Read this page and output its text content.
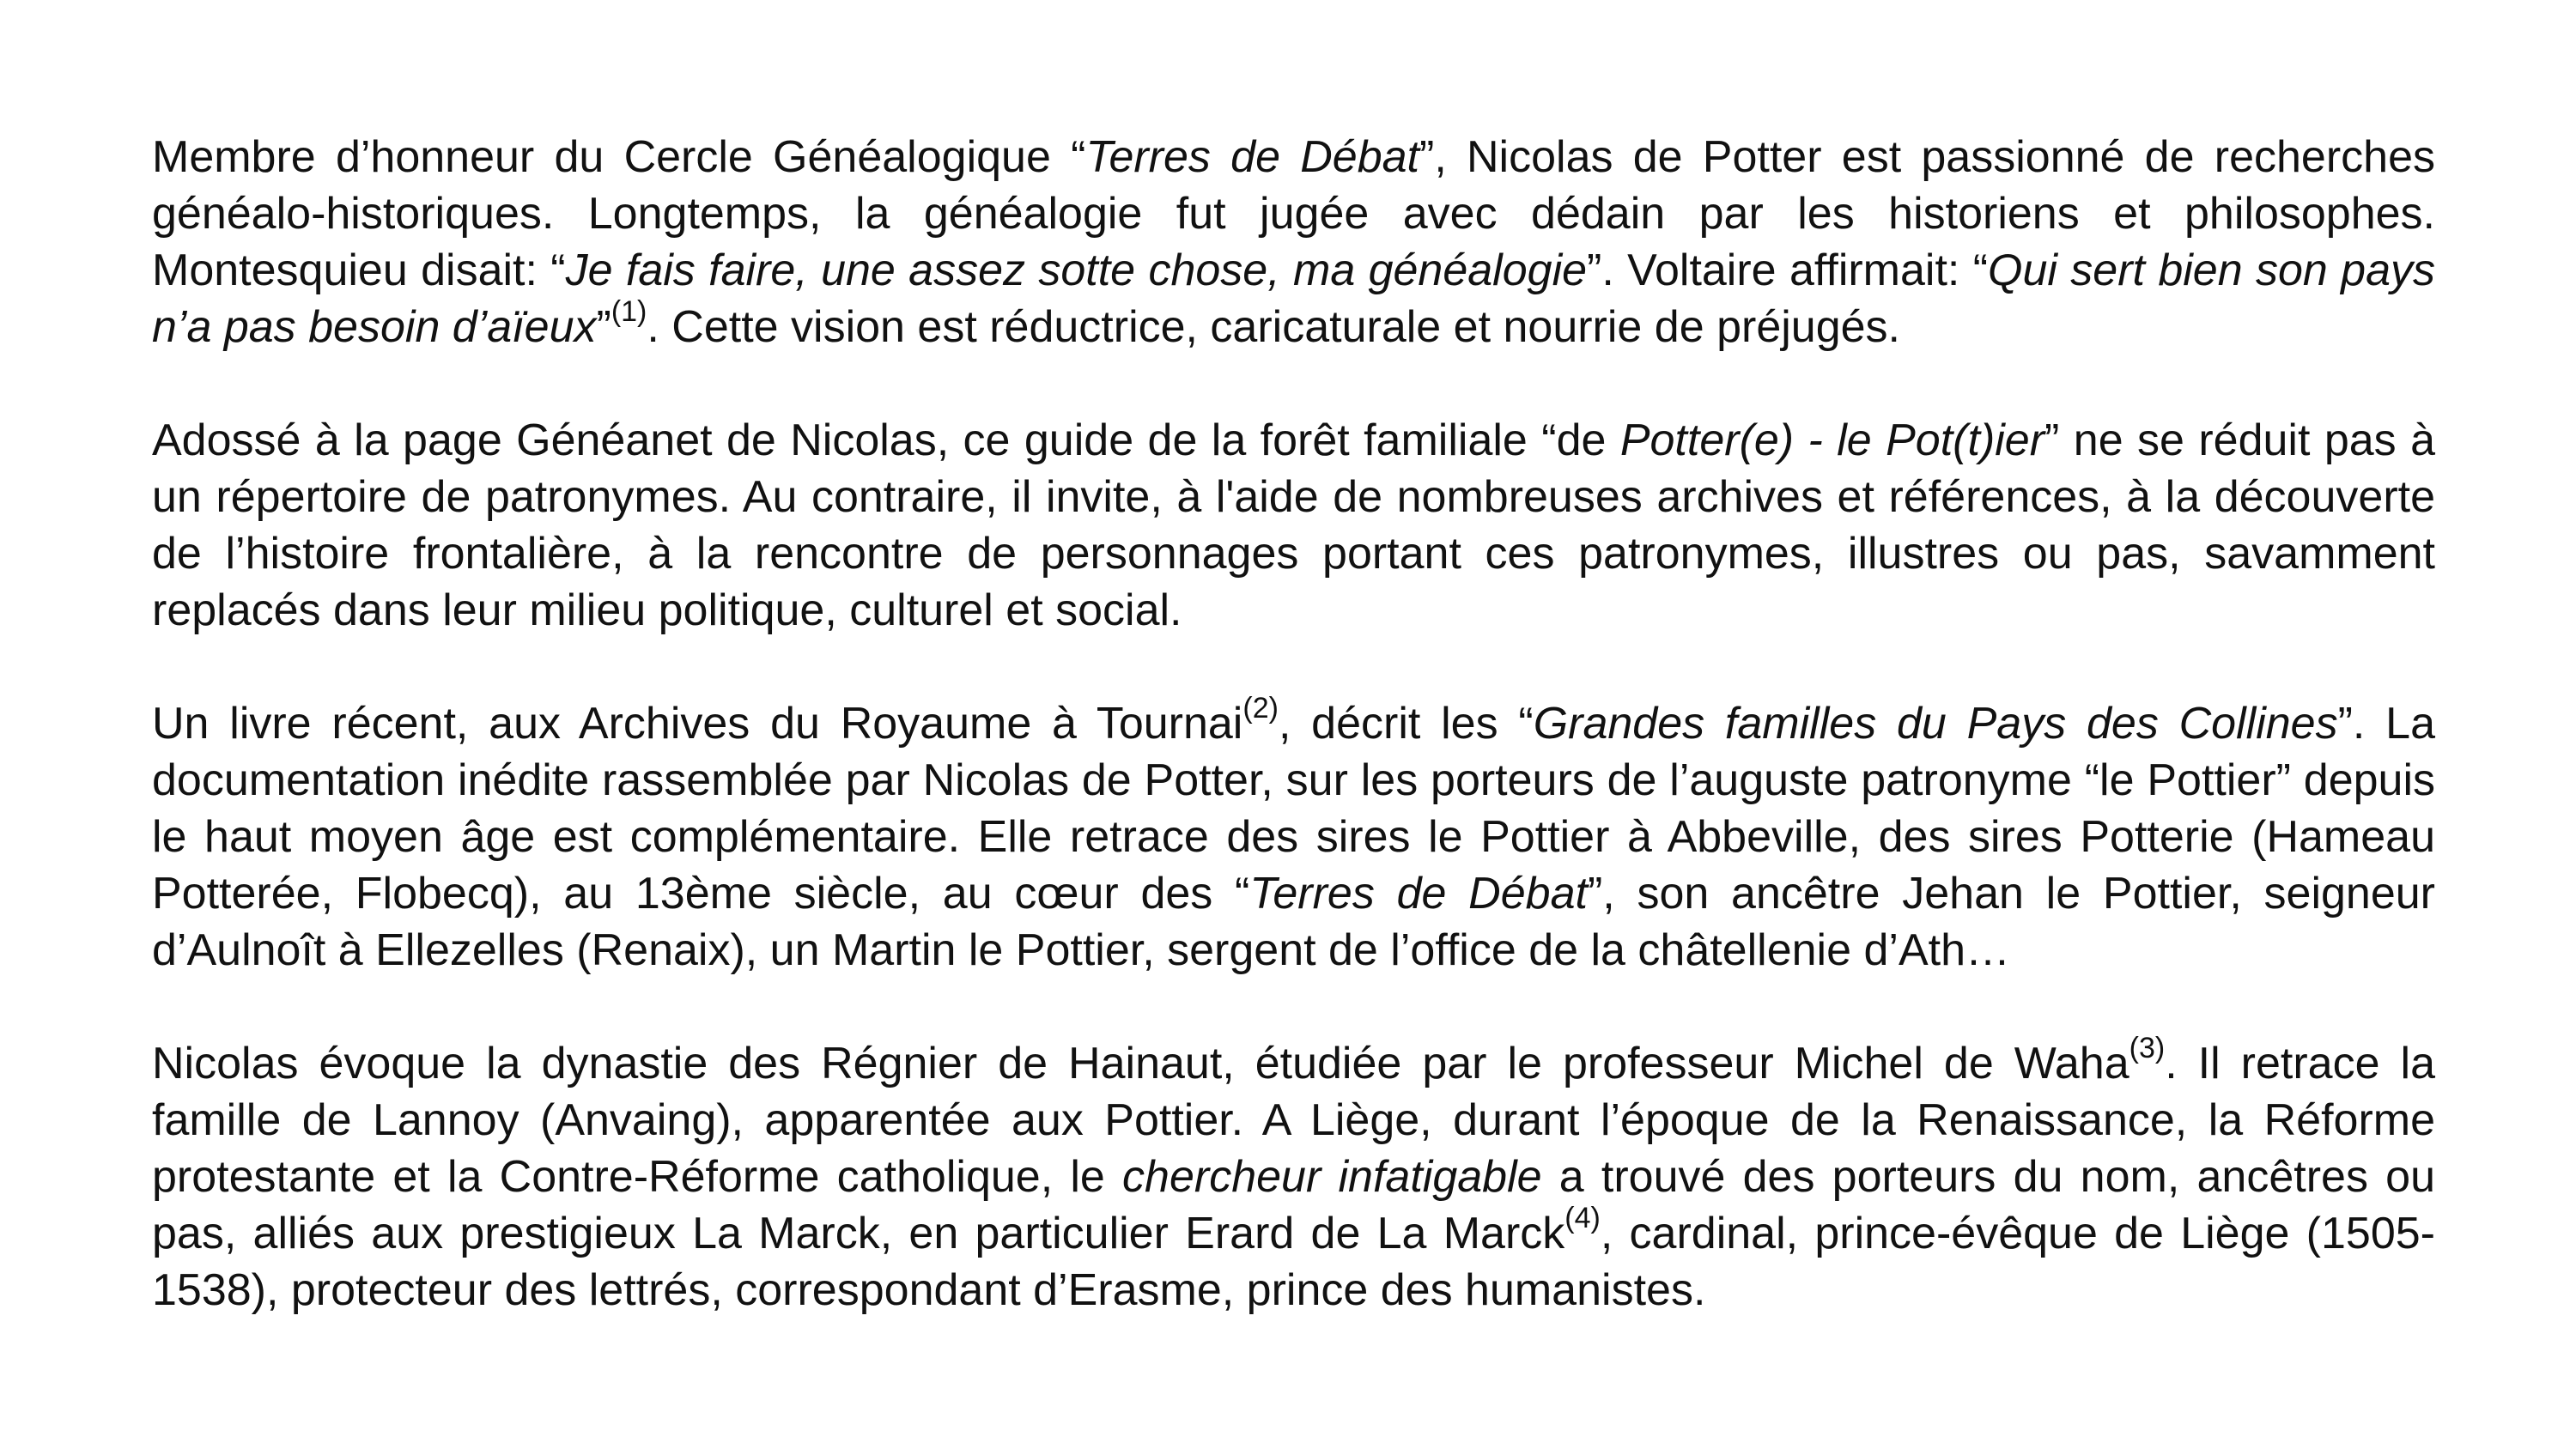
Membre d’honneur du Cercle Généalogique “Terres de Débat”, Nicolas de Potter est passionné de recherches généalo-historiques. Longtemps, la généalogie fut jugée avec dédain par les historiens et philosophes. Montesquieu disait: “Je fais faire, une assez sotte chose, ma généalogie”. Voltaire affirmait: “Qui sert bien son pays n’a pas besoin d’aïeux”$^{(1)}$. Cette vision est réductrice, caricaturale et nourrie de préjugés.

Adossé à la page Généanet de Nicolas, ce guide de la forêt familiale “de Potter(e) - le Pot(t)ier” ne se réduit pas à un répertoire de patronymes. Au contraire, il invite, à l'aide de nombreuses archives et références, à la découverte de l’histoire frontalière, à la rencontre de personnages portant ces patronymes, illustres ou pas, savamment replacés dans leur milieu politique, culturel et social.

Un livre récent, aux Archives du Royaume à Tournai$^{(2)}$, décrit les “Grandes familles du Pays des Collines”. La documentation inédite rassemblée par Nicolas de Potter, sur les porteurs de l’auguste patronyme “le Pottier” depuis le haut moyen âge est complémentaire. Elle retrace des sires le Pottier à Abbeville, des sires Potterie (Hameau Potterée, Flobecq), au 13ème siècle, au cœur des “Terres de Débat”, son ancêtre Jehan le Pottier, seigneur d’Aulnoît à Ellezelles (Renaix), un Martin le Pottier, sergent de l’office de la châtellenie d’Ath…

Nicolas évoque la dynastie des Régnier de Hainaut, étudiée par le professeur Michel de Waha$^{(3)}$. Il retrace la famille de Lannoy (Anvaing), apparentée aux Pottier. A Liège, durant l’époque de la Renaissance, la Réforme protestante et la Contre-Réforme catholique, le chercheur infatigable a trouvé des porteurs du nom, ancêtres ou pas, alliés aux prestigieux La Marck, en particulier Erard de La Marck$^{(4)}$, cardinal, prince-évêque de Liège (1505-1538), protecteur des lettrés, correspondant d’Erasme, prince des humanistes.
